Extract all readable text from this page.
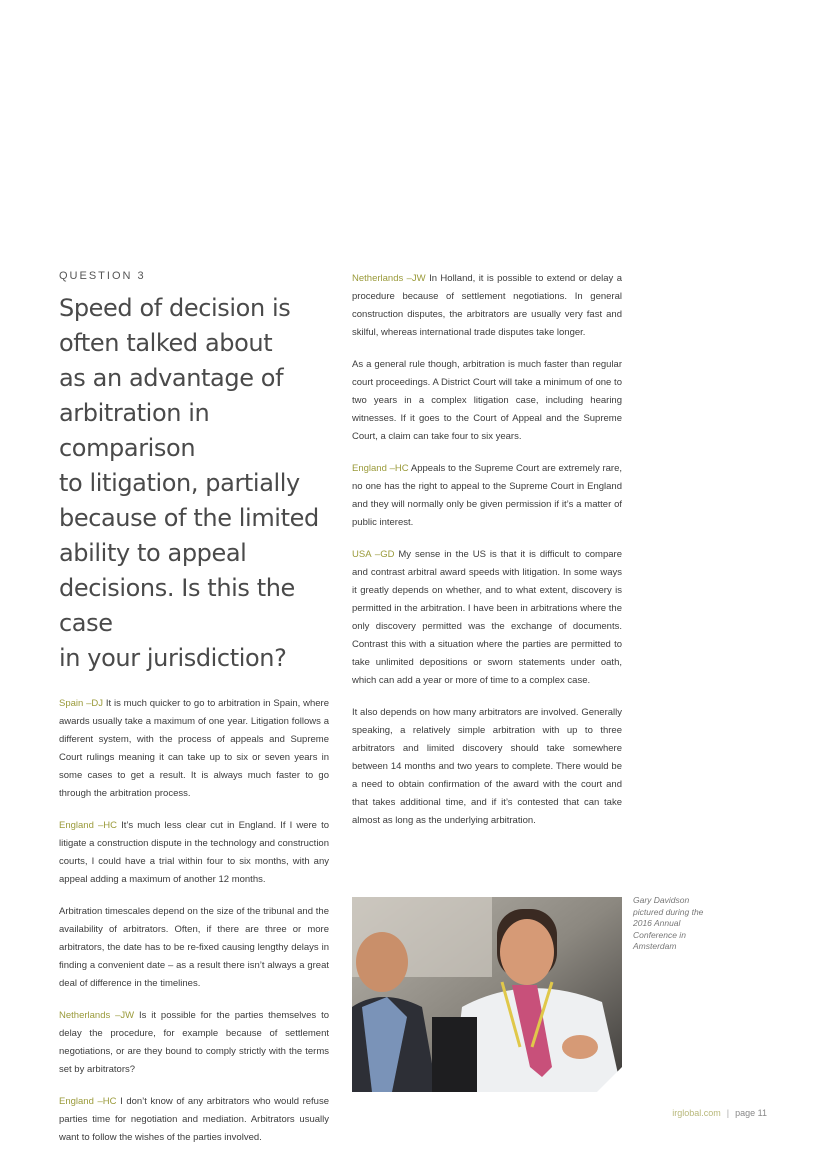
QUESTION 3
Speed of decision is
often talked about
as an advantage of
arbitration in comparison
to litigation, partially
because of the limited
ability to appeal
decisions. Is this the case
in your jurisdiction?

Spain –DJ It is much quicker to go to arbitration in Spain, where awards usually take a maximum of one year. Litigation follows a different system, with the process of appeals and Supreme Court rulings meaning it can take up to six or seven years in some cases to get a result. It is always much faster to go through the arbitration process.

England –HC It’s much less clear cut in England. If I were to litigate a construction dispute in the technology and construction courts, I could have a trial within four to six months, with any appeal adding a maximum of another 12 months.

Arbitration timescales depend on the size of the tribunal and the availability of arbitrators. Often, if there are three or more arbitrators, the date has to be re-fixed causing lengthy delays in finding a convenient date – as a result there isn’t always a great deal of difference in the timelines.

Netherlands –JW Is it possible for the parties themselves to delay the procedure, for example because of settlement negotiations, or are they bound to comply strictly with the terms set by arbitrators?

England –HC I don’t know of any arbitrators who would refuse parties time for negotiation and mediation. Arbitrators usually want to follow the wishes of the parties involved.

Netherlands –JW In Holland, it is possible to extend or delay a procedure because of settlement negotiations. In general construction disputes, the arbitrators are usually very fast and skilful, whereas international trade disputes take longer.

As a general rule though, arbitration is much faster than regular court proceedings. A District Court will take a minimum of one to two years in a complex litigation case, including hearing witnesses. If it goes to the Court of Appeal and the Supreme Court, a claim can take four to six years.

England –HC Appeals to the Supreme Court are extremely rare, no one has the right to appeal to the Supreme Court in England and they will normally only be given permission if it’s a matter of public interest.

USA –GD My sense in the US is that it is difficult to compare and contrast arbitral award speeds with litigation. In some ways it greatly depends on whether, and to what extent, discovery is permitted in the arbitration. I have been in arbitrations where the only discovery permitted was the exchange of documents. Contrast this with a situation where the parties are permitted to take unlimited depositions or sworn statements under oath, which can add a year or more of time to a complex case.

It also depends on how many arbitrators are involved. Generally speaking, a relatively simple arbitration with up to three arbitrators and limited discovery should take somewhere between 14 months and two years to complete. There would be a need to obtain confirmation of the award with the court and that takes additional time, and if it’s contested that can take almost as long as the underlying arbitration.

Gary Davidson pictured during the 2016 Annual Conference in Amsterdam
irglobal.com | page 11
